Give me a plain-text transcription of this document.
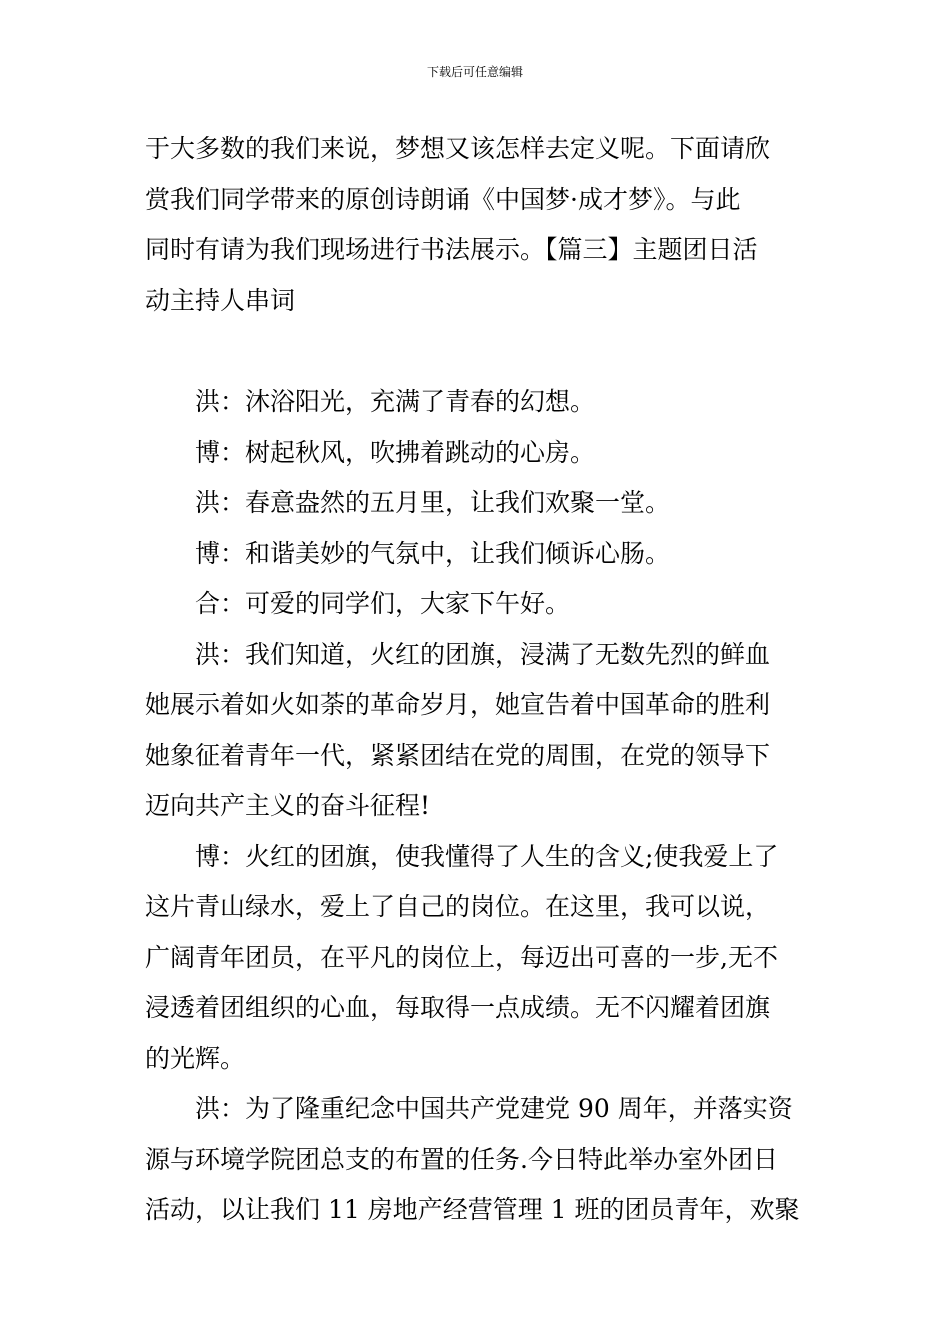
下载后可任意编辑
于大多数的我们来说，梦想又该怎样去定义呢。下面请欣
赏我们同学带来的原创诗朗诵《中国梦·成才梦》。与此
同时有请为我们现场进行书法展示。【篇三】主题团日活
动主持人串词
洪：沐浴阳光，充满了青春的幻想。
博：树起秋风，吹拂着跳动的心房。
洪：春意盎然的五月里，让我们欢聚一堂。
博：和谐美妙的气氛中，让我们倾诉心肠。
合：可爱的同学们，大家下午好。
洪：我们知道，火红的团旗，浸满了无数先烈的鲜血
她展示着如火如荼的革命岁月，她宣告着中国革命的胜利
她象征着青年一代，紧紧团结在党的周围，在党的领导下
迈向共产主义的奋斗征程!
博：火红的团旗，使我懂得了人生的含义;使我爱上了
这片青山绿水，爱上了自己的岗位。在这里，我可以说，
广阔青年团员，在平凡的岗位上，每迈出可喜的一步,无不
浸透着团组织的心血，每取得一点成绩。无不闪耀着团旗
的光辉。
洪：为了隆重纪念中国共产党建党 90 周年，并落实资
源与环境学院团总支的布置的任务.今日特此举办室外团日
活动，以让我们 11 房地产经营管理 1 班的团员青年，欢聚
